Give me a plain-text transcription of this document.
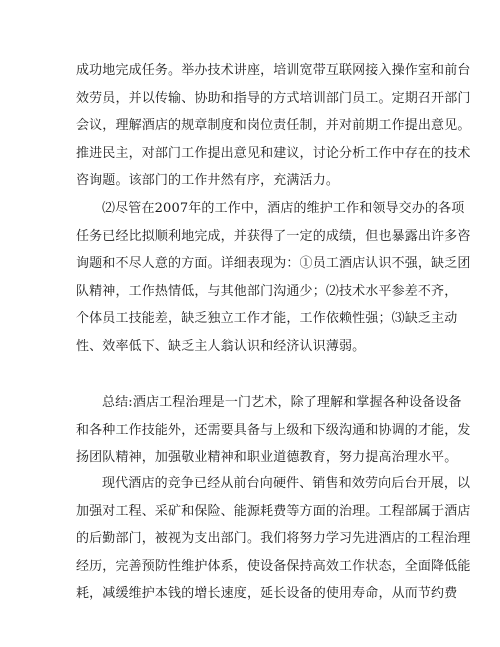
成功地完成任务。举办技术讲座，培训宽带互联网接入操作室和前台
效劳员，并以传输、协助和指导的方式培训部门员工。定期召开部门
会议，理解酒店的规章制度和岗位责任制，并对前期工作提出意见。
推进民主，对部门工作提出意见和建议，讨论分析工作中存在的技术
咨询题。该部门的工作井然有序，充满活力。
⑵尽管在2007年的工作中，酒店的维护工作和领导交办的各项
任务已经比拟顺利地完成，并获得了一定的成绩，但也暴露出许多咨
询题和不尽人意的方面。详细表现为：①员工酒店认识不强，缺乏团
队精神，工作热情低，与其他部门沟通少；⑵技术水平参差不齐，
个体员工技能差，缺乏独立工作才能，工作依赖性强；⑶缺乏主动
性、效率低下、缺乏主人翁认识和经济认识薄弱。
总结:酒店工程治理是一门艺术，除了理解和掌握各种设备设备
和各种工作技能外，还需要具备与上级和下级沟通和协调的才能，发
扬团队精神，加强敬业精神和职业道德教育，努力提高治理水平。
现代酒店的竞争已经从前台向硬件、销售和效劳向后台开展，以
加强对工程、采矿和保险、能源耗费等方面的治理。工程部属于酒店
的后勤部门，被视为支出部门。我们将努力学习先进酒店的工程治理
经历，完善预防性维护体系，使设备保持高效工作状态，全面降低能
耗，减缓维护本钱的增长速度，延长设备的使用寿命，从而节约费
